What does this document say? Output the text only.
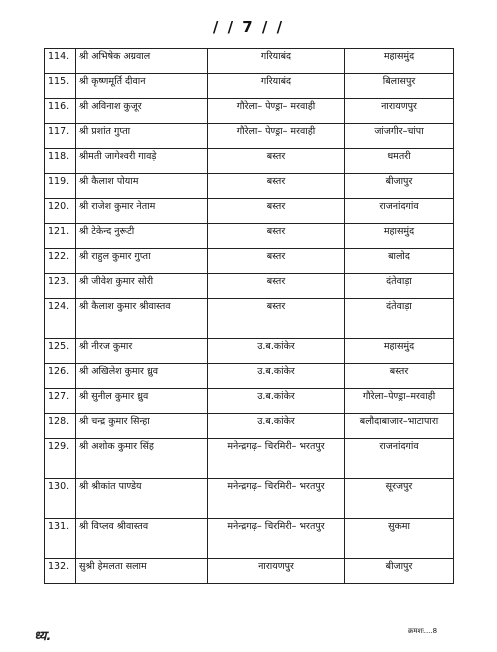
/ / 7 / /
114.	श्री अभिषेक अग्रवाल	गरियाबंद	महासमुंद
115.	श्री कृष्णमूर्ति दीवान	गरियाबंद	बिलासपुर
116.	श्री अविनाश कुजूर	गौरेला– पेण्ड्रा– मरवाही	नारायणपुर
117.	श्री प्रशांत गुप्ता	गौरेला– पेण्ड्रा– मरवाही	जांजगीर–चांपा
118.	श्रीमती जागेश्वरी गावड़े	बस्तर	धमतरी
119.	श्री कैलाश पोयाम	बस्तर	बीजापुर
120.	श्री राजेश कुमार नेताम	बस्तर	राजनांदगांव
121.	श्री टेकेन्द नुरूटी	बस्तर	महासमुंद
122.	श्री राहुल कुमार गुप्ता	बस्तर	बालोद
123.	श्री जीवेश कुमार सोरी	बस्तर	दंतेवाड़ा
124.	श्री कैलाश कुमार श्रीवास्तव	बस्तर	दंतेवाड़ा
125.	श्री नीरज कुमार	उ.ब.कांकेर	महासमुंद
126.	श्री अखिलेश कुमार ध्रुव	उ.ब.कांकेर	बस्तर
127.	श्री सुनील कुमार ध्रुव	उ.ब.कांकेर	गौरेला–पेण्ड्रा–मरवाही
128.	श्री चन्द्र कुमार सिन्हा	उ.ब.कांकेर	बलौदाबाजार–भाटापारा
129.	श्री अशोक कुमार सिंह	मनेन्द्रगढ़– चिरमिरी– भरतपुर	राजनांदगांव
130.	श्री श्रीकांत पाण्डेय	मनेन्द्रगढ़– चिरमिरी– भरतपुर	सूरजपुर
131.	श्री विप्लव श्रीवास्तव	मनेन्द्रगढ़– चिरमिरी– भरतपुर	सुकमा
132.	सुश्री हेमलता सलाम	नारायणपुर	बीजापुर
ध्य.	क्रमशः....8
